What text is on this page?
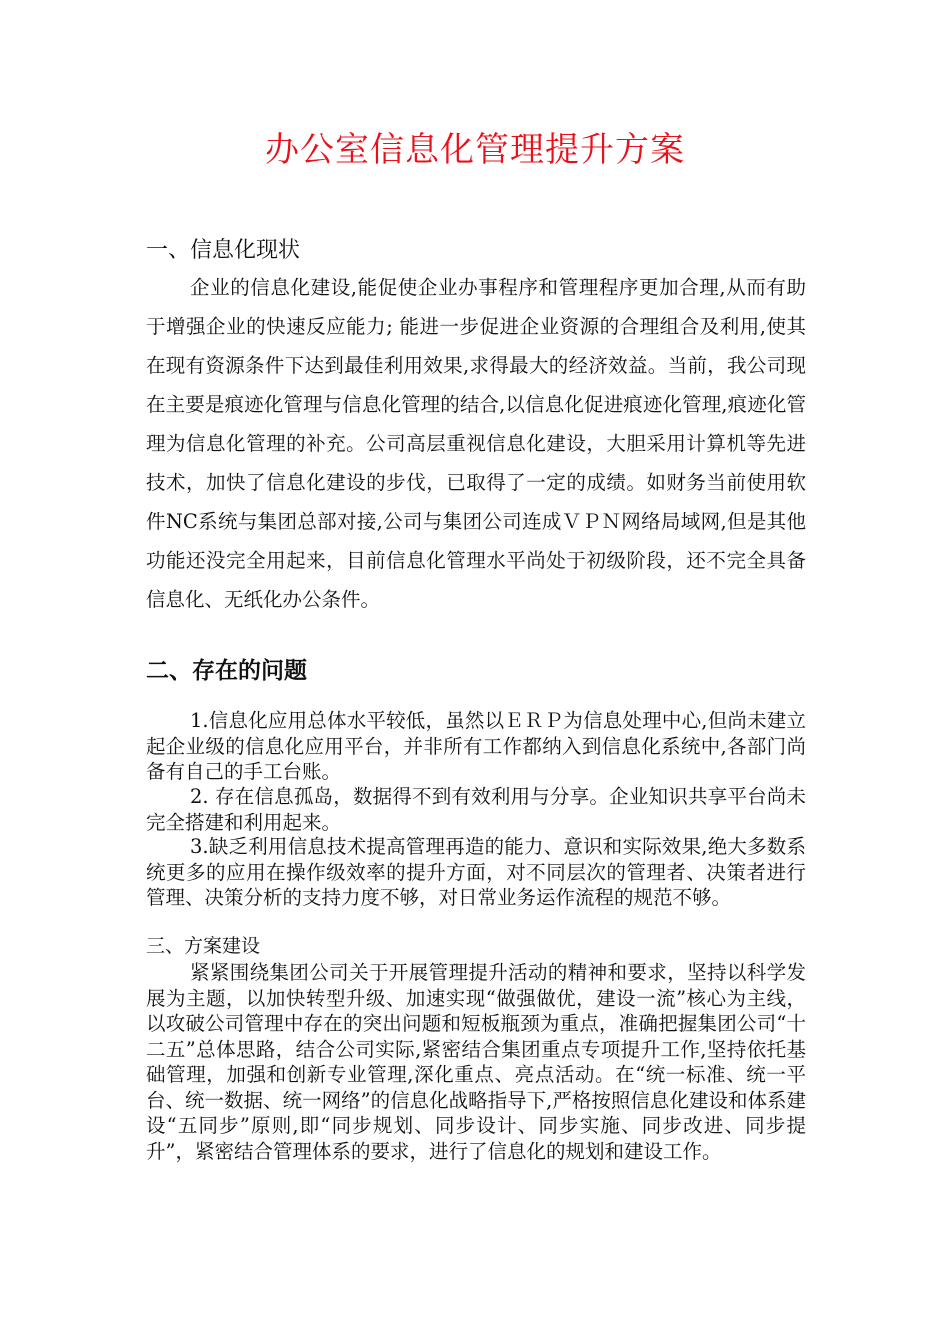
办公室信息化管理提升方案
一、信息化现状

企业的信息化建设,能促使企业办事程序和管理程序更加合理,从而有助于增强企业的快速反应能力; 能进一步促进企业资源的合理组合及利用,使其在现有资源条件下达到最佳利用效果,求得最大的经济效益。当前，我公司现在主要是痕迹化管理与信息化管理的结合,以信息化促进痕迹化管理,痕迹化管理为信息化管理的补充。公司高层重视信息化建设，大胆采用计算机等先进技术，加快了信息化建设的步伐，已取得了一定的成绩。如财务当前使用软件NC系统与集团总部对接,公司与集团公司连成ＶＰＮ网络局域网,但是其他功能还没完全用起来，目前信息化管理水平尚处于初级阶段，还不完全具备信息化、无纸化办公条件。

二、存在的问题

1.信息化应用总体水平较低，虽然以ＥＲＰ为信息处理中心,但尚未建立起企业级的信息化应用平台，并非所有工作都纳入到信息化系统中,各部门尚备有自己的手工台账。

2. 存在信息孤岛，数据得不到有效利用与分享。企业知识共享平台尚未完全搭建和利用起来。

3.缺乏利用信息技术提高管理再造的能力、意识和实际效果,绝大多数系统更多的应用在操作级效率的提升方面，对不同层次的管理者、决策者进行管理、决策分析的支持力度不够，对日常业务运作流程的规范不够。

三、方案建设

紧紧围绕集团公司关于开展管理提升活动的精神和要求，坚持以科学发展为主题，以加快转型升级、加速实现“做强做优，建设一流”核心为主线，以攻破公司管理中存在的突出问题和短板瓶颈为重点，准确把握集团公司“十二五”总体思路，结合公司实际,紧密结合集团重点专项提升工作,坚持依托基础管理，加强和创新专业管理,深化重点、亮点活动。在“统一标准、统一平台、统一数据、统一网络”的信息化战略指导下,严格按照信息化建设和体系建设“五同步”原则,即“同步规划、同步设计、同步实施、同步改进、同步提升”，紧密结合管理体系的要求，进行了信息化的规划和建设工作。
